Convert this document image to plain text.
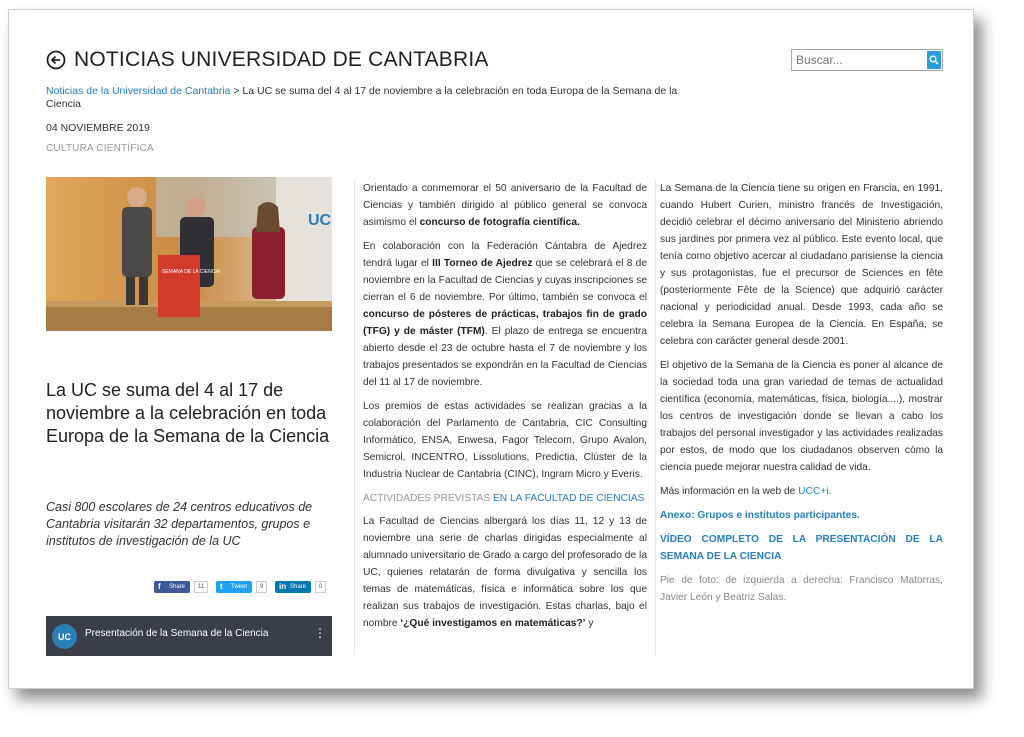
NOTICIAS UNIVERSIDAD DE CANTABRIA
Buscar...
Noticias de la Universidad de Cantabria > La UC se suma del 4 al 17 de noviembre a la celebración en toda Europa de la Semana de la Ciencia
04 NOVIEMBRE 2019
CULTURA CIENTÍFICA
UC
SEMANA DE LA CIENCIA
La UC se suma del 4 al 17 de noviembre a la celebración en toda Europa de la Semana de la Ciencia
Casi 800 escolares de 24 centros educativos de Cantabria visitarán 32 departamentos, grupos e institutos de investigación de la UC
f Share	11	t Tweet	9	in Share	0
UC	Presentación de la Semana de la Ciencia	⋮

Orientado a conmemorar el 50 aniversario de la Facultad de Ciencias y también dirigido al público general se convoca asimismo el concurso de fotografía científica.

En colaboración con la Federación Cántabra de Ajedrez tendrá lugar el III Torneo de Ajedrez que se celebrará el 8 de noviembre en la Facultad de Ciencias y cuyas inscripciones se cierran el 6 de noviembre. Por último, también se convoca el concurso de pósteres de prácticas, trabajos fin de grado (TFG) y de máster (TFM). El plazo de entrega se encuentra abierto desde el 23 de octubre hasta el 7 de noviembre y los trabajos presentados se expondrán en la Facultad de Ciencias del 11 al 17 de noviembre.

Los premios de estas actividades se realizan gracias a la colaboración del Parlamento de Cantabria, CIC Consulting Informático, ENSA, Enwesa, Fagor Telecom, Grupo Avalon, Semicrol, INCENTRO, Lissolutions, Predictia, Clúster de la Industria Nuclear de Cantabria (CINC), Ingram Micro y Everis.

ACTIVIDADES PREVISTAS EN LA FACULTAD DE CIENCIAS

La Facultad de Ciencias albergará los días 11, 12 y 13 de noviembre una serie de charlas dirigidas especialmente al alumnado universitario de Grado a cargo del profesorado de la UC, quienes relatarán de forma divulgativa y sencilla los temas de matemáticas, física e informática sobre los que realizan sus trabajos de investigación. Estas charlas, bajo el nombre ‘¿Qué investigamos en matemáticas?’ y

La Semana de la Ciencia tiene su origen en Francia, en 1991, cuando Hubert Curien, ministro francés de Investigación, decidió celebrar el décimo aniversario del Ministerio abriendo sus jardines por primera vez al público. Este evento local, que tenía como objetivo acercar al ciudadano parisiense la ciencia y sus protagonistas, fue el precursor de Sciences en fête (posteriormente Fête de la Science) que adquirió carácter nacional y periodicidad anual. Desde 1993, cada año se celebra la Semana Europea de la Ciencia. En España, se celebra con carácter general desde 2001.

El objetivo de la Semana de la Ciencia es poner al alcance de la sociedad toda una gran variedad de temas de actualidad científica (economía, matemáticas, física, biología....), mostrar los centros de investigación donde se llevan a cabo los trabajos del personal investigador y las actividades realizadas por estos, de modo que los ciudadanos observen cómo la ciencia puede mejorar nuestra calidad de vida.

Más información en la web de UCC+i.

Anexo: Grupos e institutos participantes.

VÍDEO COMPLETO DE LA PRESENTACIÓN DE LA SEMANA DE LA CIENCIA

Pie de foto: de izquierda a derecha: Francisco Matorras, Javier León y Beatriz Salas.
